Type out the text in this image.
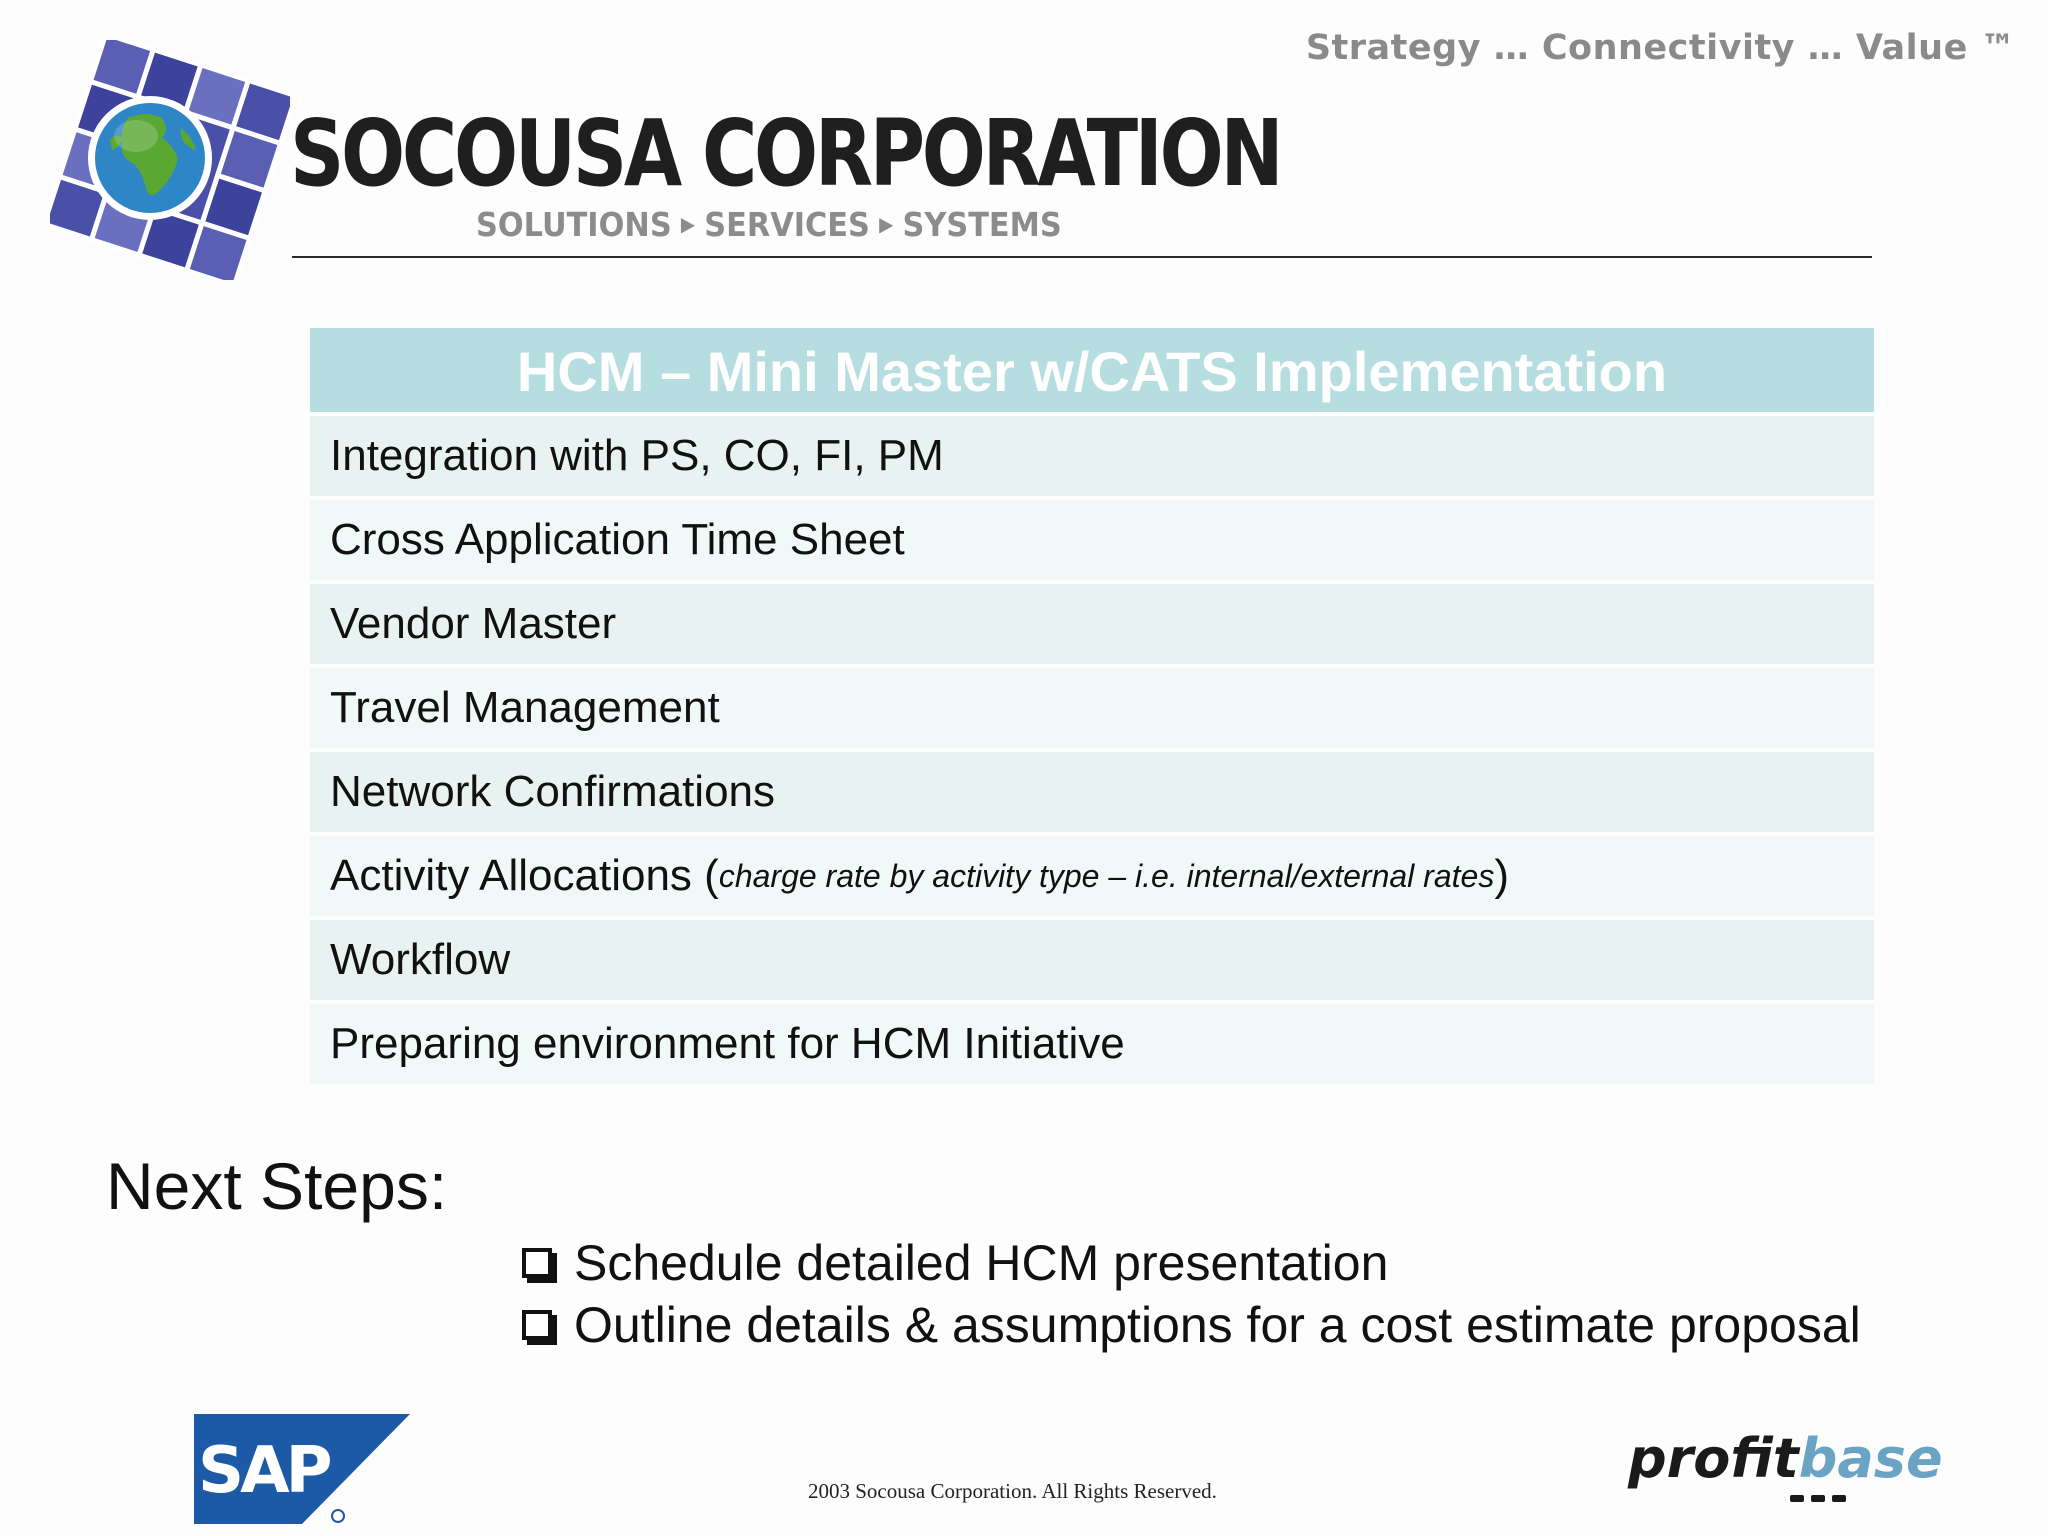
Strategy … Connectivity … Value ™
SOCOUSA CORPORATION
SOLUTIONS ▶ SERVICES ▶ SYSTEMS
HCM – Mini Master w/CATS Implementation
Integration with PS, CO, FI, PM
Cross Application Time Sheet
Vendor Master
Travel Management
Network Confirmations
Activity Allocations ( charge rate by activity type – i.e. internal/external rates )
Workflow
Preparing environment for HCM Initiative
Next Steps:
Schedule detailed HCM presentation
Outline details & assumptions for a cost estimate proposal
SAP	2003 Socousa Corporation. All Rights Reserved.
profitbase
